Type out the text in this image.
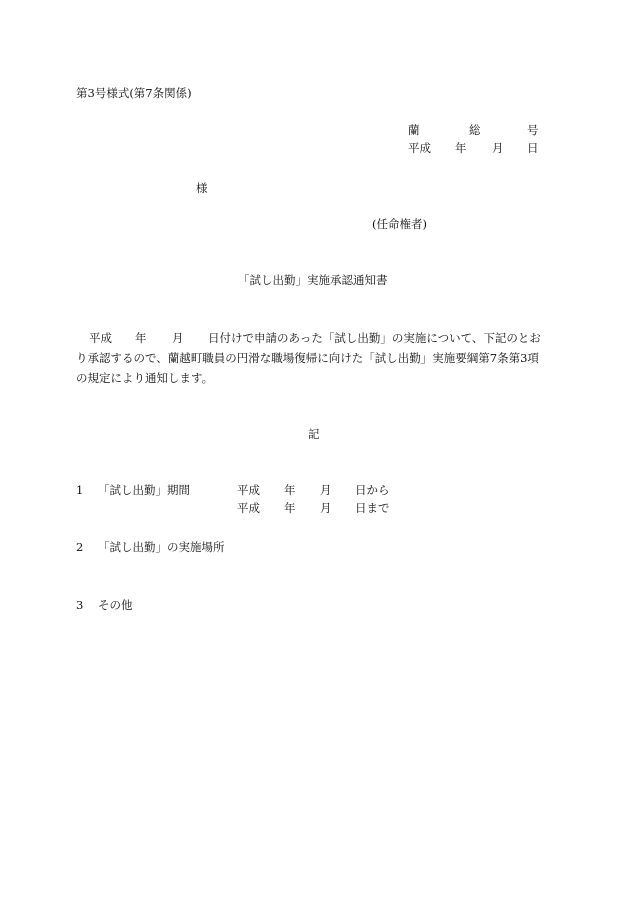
第3号様式(第7条関係)
蘭	総	号
平成 年 月 日
様
(任命権者)
「試し出勤」実施承認通知書
平成 年 月 日付けで申請のあった「試し出勤」の実施について、下記のとお
り承認するので、蘭越町職員の円滑な職場復帰に向けた「試し出勤」実施要綱第7条第3項
の規定により通知します。
記
1 「試し出勤」期間	平成 年 月 日から
平成 年 月 日まで
2 「試し出勤」の実施場所
3 その他
